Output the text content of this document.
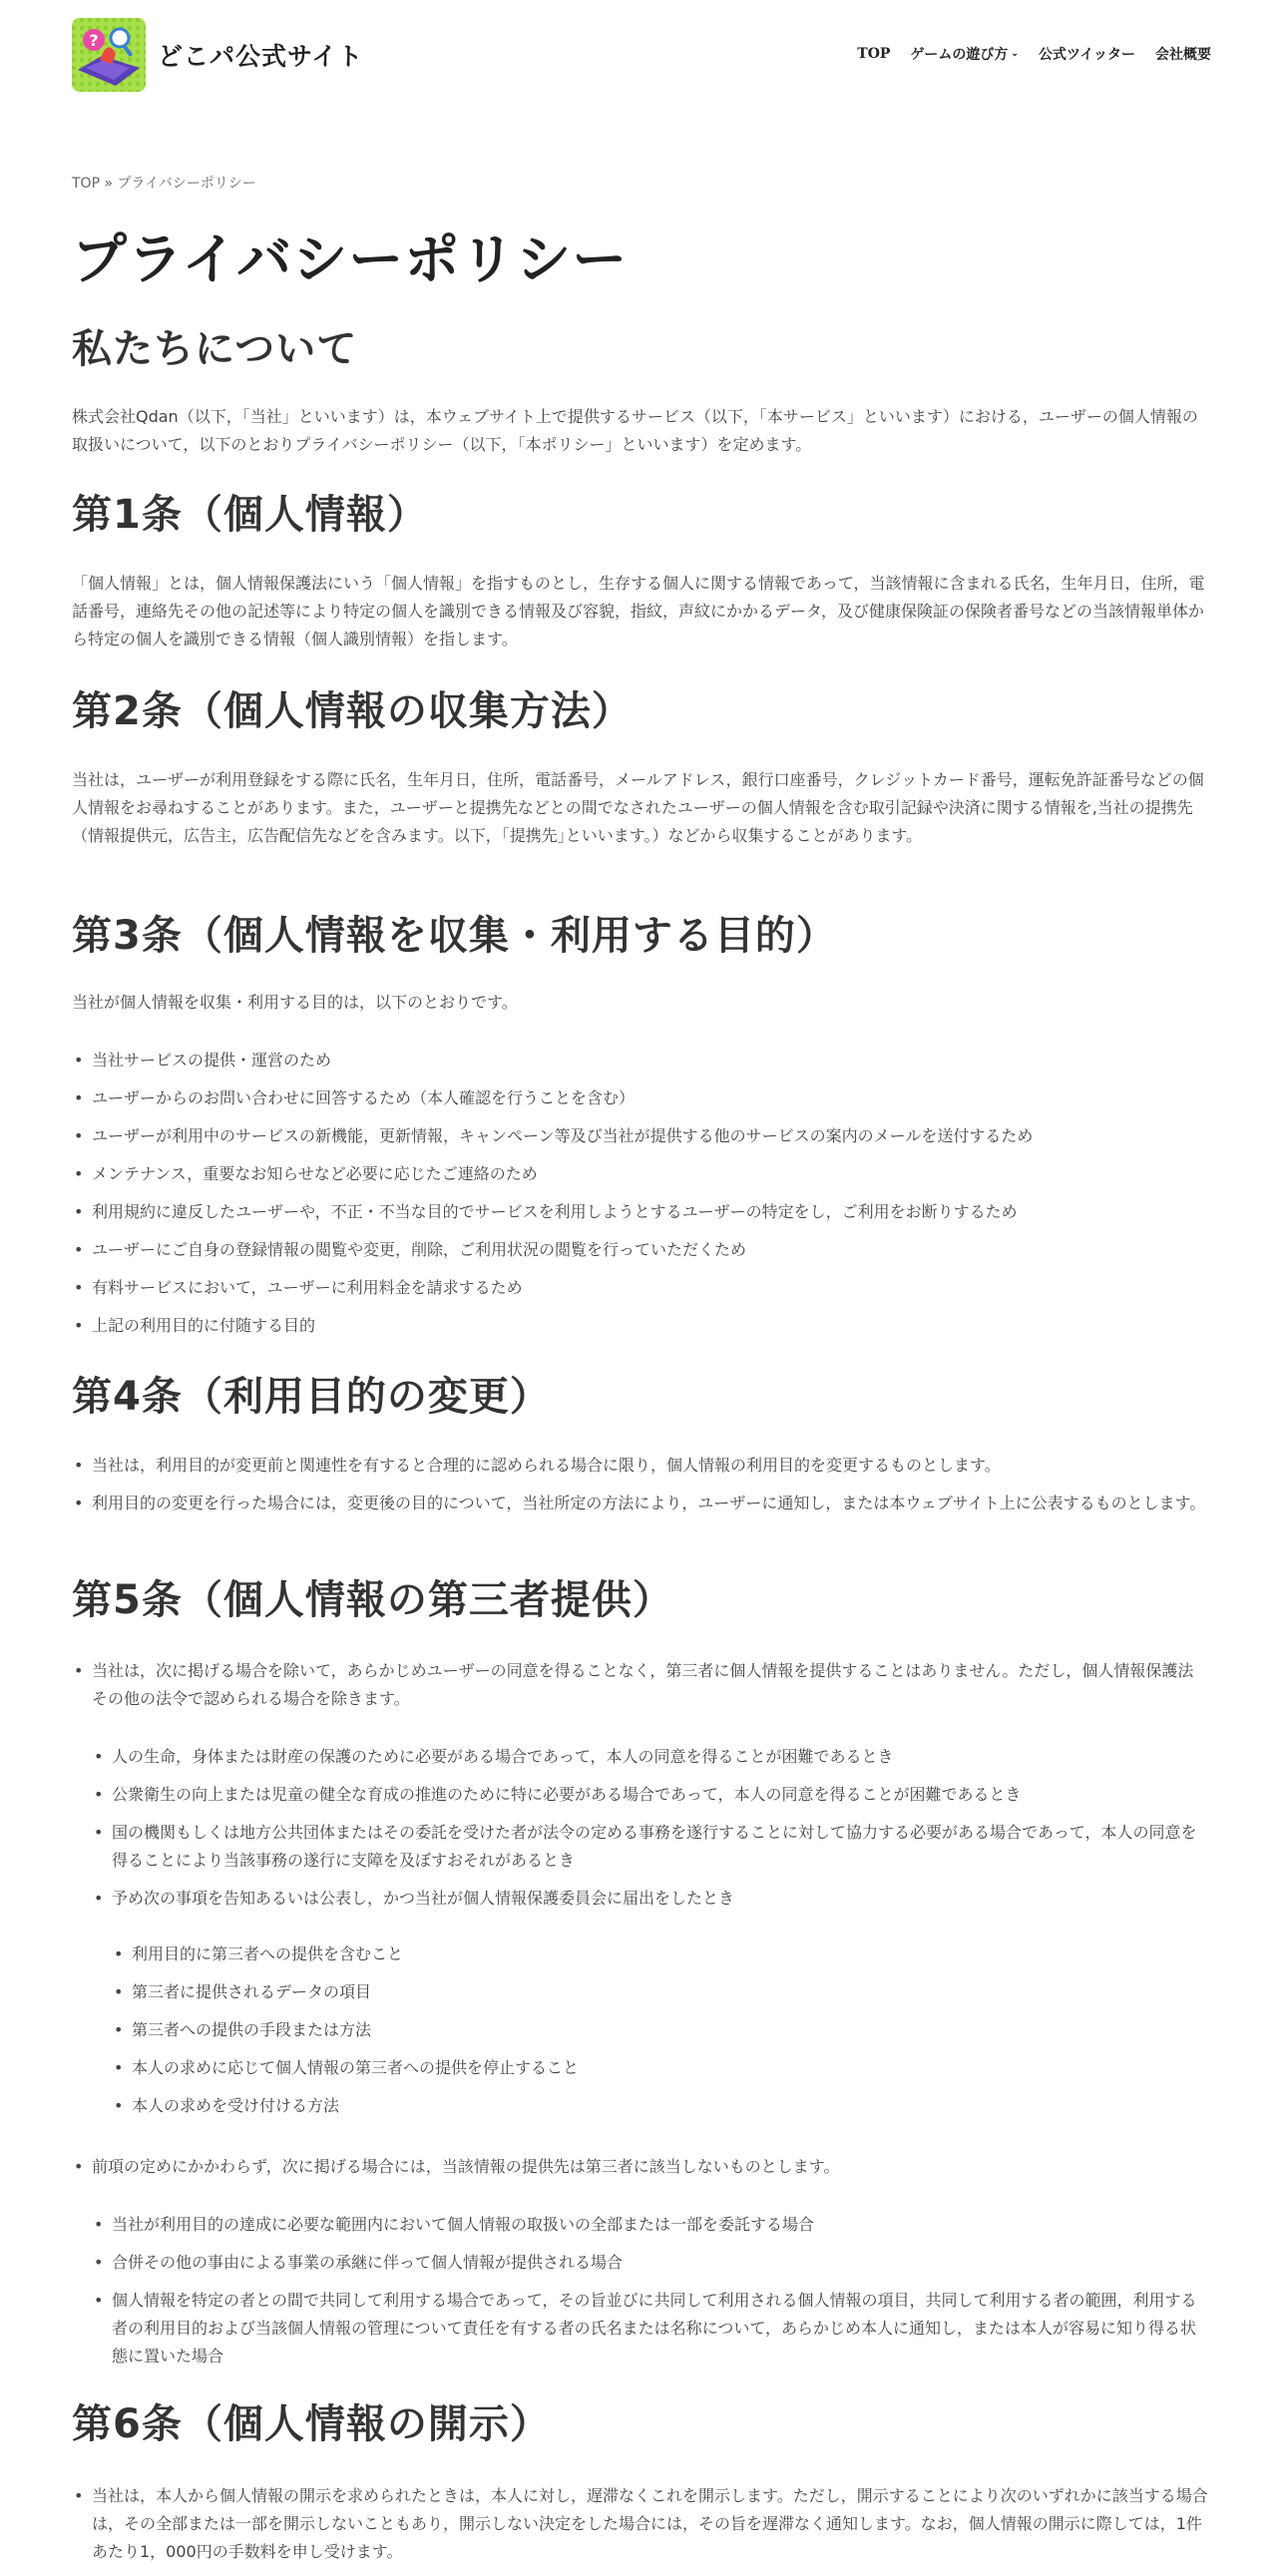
?
どこパ公式サイト	TOP ゲームの遊び方 ⌄ 公式ツイッター 会社概要
TOP » プライバシーポリシー
プライバシーポリシー
私たちについて

株式会社Qdan（以下，「当社」といいます）は，本ウェブサイト上で提供するサービス（以下，「本サービス」といいます）における，ユーザーの個人情報の取扱いについて，以下のとおりプライバシーポリシー（以下，「本ポリシー」といいます）を定めます。

第1条（個人情報）

「個人情報」とは，個人情報保護法にいう「個人情報」を指すものとし，生存する個人に関する情報であって，当該情報に含まれる氏名，生年月日，住所，電話番号，連絡先その他の記述等により特定の個人を識別できる情報及び容貌，指紋，声紋にかかるデータ，及び健康保険証の保険者番号などの当該情報単体から特定の個人を識別できる情報（個人識別情報）を指します。

第2条（個人情報の収集方法）

当社は，ユーザーが利用登録をする際に氏名，生年月日，住所，電話番号，メールアドレス，銀行口座番号，クレジットカード番号，運転免許証番号などの個人情報をお尋ねすることがあります。また，ユーザーと提携先などとの間でなされたユーザーの個人情報を含む取引記録や決済に関する情報を,当社の提携先（情報提供元，広告主，広告配信先などを含みます。以下，｢提携先｣といいます。）などから収集することがあります。

第3条（個人情報を収集・利用する目的）

当社が個人情報を収集・利用する目的は，以下のとおりです。

• 当社サービスの提供・運営のため
• ユーザーからのお問い合わせに回答するため（本人確認を行うことを含む）
• ユーザーが利用中のサービスの新機能，更新情報，キャンペーン等及び当社が提供する他のサービスの案内のメールを送付するため
• メンテナンス，重要なお知らせなど必要に応じたご連絡のため
• 利用規約に違反したユーザーや，不正・不当な目的でサービスを利用しようとするユーザーの特定をし，ご利用をお断りするため
• ユーザーにご自身の登録情報の閲覧や変更，削除，ご利用状況の閲覧を行っていただくため
• 有料サービスにおいて，ユーザーに利用料金を請求するため
• 上記の利用目的に付随する目的
第4条（利用目的の変更）
• 当社は，利用目的が変更前と関連性を有すると合理的に認められる場合に限り，個人情報の利用目的を変更するものとします。
• 利用目的の変更を行った場合には，変更後の目的について，当社所定の方法により，ユーザーに通知し，または本ウェブサイト上に公表するものとします。
第5条（個人情報の第三者提供）
• 当社は，次に掲げる場合を除いて，あらかじめユーザーの同意を得ることなく，第三者に個人情報を提供することはありません。ただし，個人情報保護法その他の法令で認められる場合を除きます。
• 人の生命，身体または財産の保護のために必要がある場合であって，本人の同意を得ることが困難であるとき
• 公衆衛生の向上または児童の健全な育成の推進のために特に必要がある場合であって，本人の同意を得ることが困難であるとき
• 国の機関もしくは地方公共団体またはその委託を受けた者が法令の定める事務を遂行することに対して協力する必要がある場合であって，本人の同意を得ることにより当該事務の遂行に支障を及ぼすおそれがあるとき
• 予め次の事項を告知あるいは公表し，かつ当社が個人情報保護委員会に届出をしたとき
• 利用目的に第三者への提供を含むこと
• 第三者に提供されるデータの項目
• 第三者への提供の手段または方法
• 本人の求めに応じて個人情報の第三者への提供を停止すること
• 本人の求めを受け付ける方法
• 前項の定めにかかわらず，次に掲げる場合には，当該情報の提供先は第三者に該当しないものとします。
• 当社が利用目的の達成に必要な範囲内において個人情報の取扱いの全部または一部を委託する場合
• 合併その他の事由による事業の承継に伴って個人情報が提供される場合
• 個人情報を特定の者との間で共同して利用する場合であって，その旨並びに共同して利用される個人情報の項目，共同して利用する者の範囲，利用する者の利用目的および当該個人情報の管理について責任を有する者の氏名または名称について，あらかじめ本人に通知し，または本人が容易に知り得る状態に置いた場合
第6条（個人情報の開示）
• 当社は，本人から個人情報の開示を求められたときは，本人に対し，遅滞なくこれを開示します。ただし，開示することにより次のいずれかに該当する場合は，その全部または一部を開示しないこともあり，開示しない決定をした場合には，その旨を遅滞なく通知します。なお，個人情報の開示に際しては，1件あたり1，000円の手数料を申し受けます。
